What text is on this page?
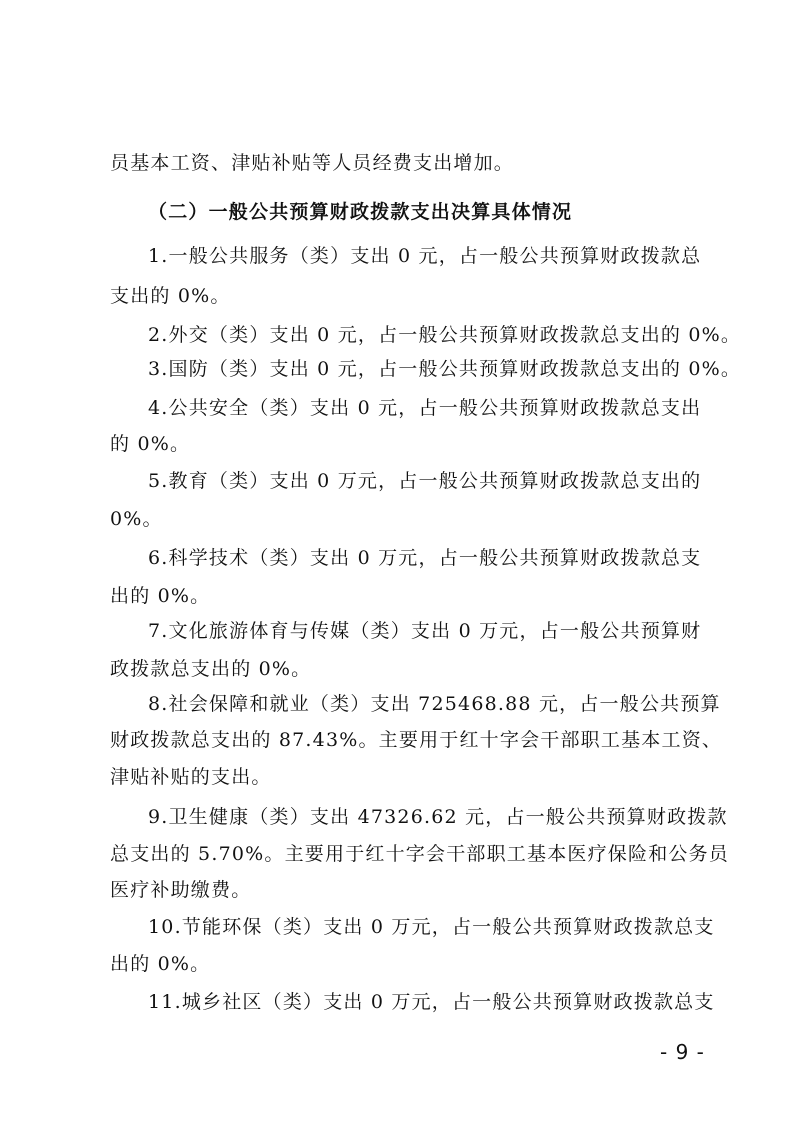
员基本工资、津贴补贴等人员经费支出增加。

（二）一般公共预算财政拨款支出决算具体情况

1.一般公共服务（类）支出 0 元，占一般公共预算财政拨款总

支出的 0%。

2.外交（类）支出 0 元，占一般公共预算财政拨款总支出的 0%。

3.国防（类）支出 0 元，占一般公共预算财政拨款总支出的 0%。

4.公共安全（类）支出 0 元，占一般公共预算财政拨款总支出

的 0%。

5.教育（类）支出 0 万元，占一般公共预算财政拨款总支出的

0%。

6.科学技术（类）支出 0 万元，占一般公共预算财政拨款总支

出的 0%。

7.文化旅游体育与传媒（类）支出 0 万元，占一般公共预算财

政拨款总支出的 0%。

8.社会保障和就业（类）支出 725468.88 元，占一般公共预算

财政拨款总支出的 87.43%。主要用于红十字会干部职工基本工资、

津贴补贴的支出。

9.卫生健康（类）支出 47326.62 元，占一般公共预算财政拨款

总支出的 5.70%。主要用于红十字会干部职工基本医疗保险和公务员

医疗补助缴费。

10.节能环保（类）支出 0 万元，占一般公共预算财政拨款总支

出的 0%。

11.城乡社区（类）支出 0 万元，占一般公共预算财政拨款总支

- 9 -
